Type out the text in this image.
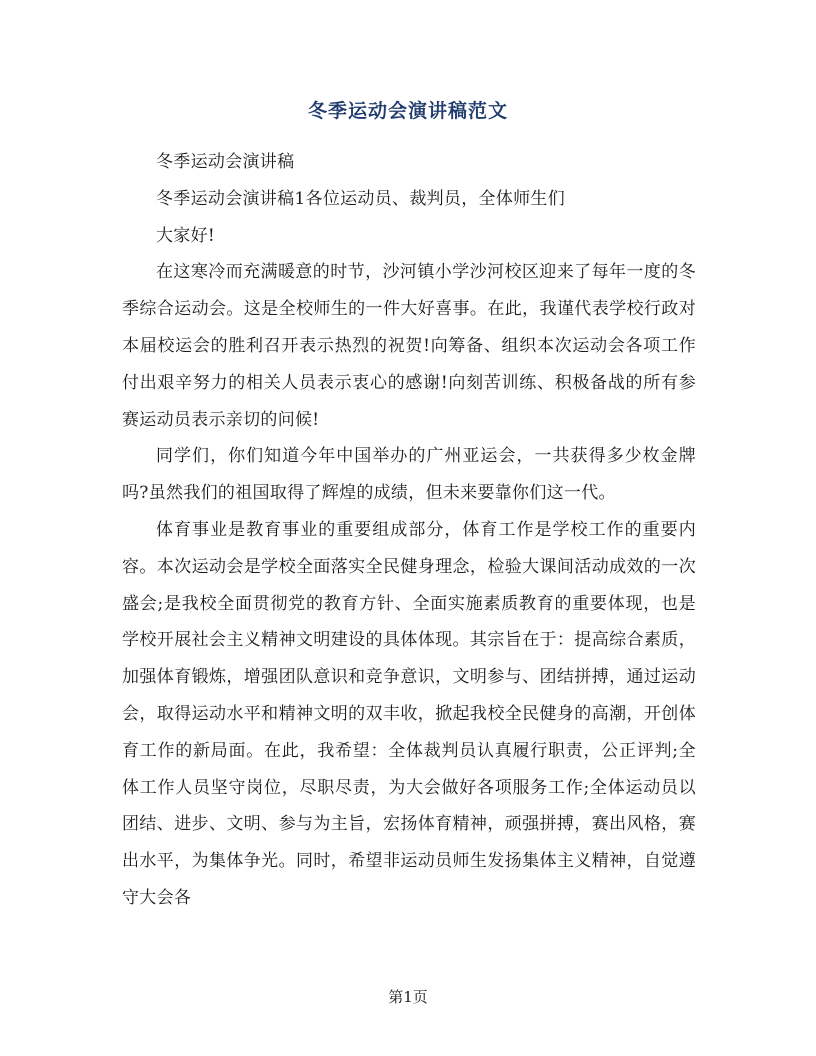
冬季运动会演讲稿范文

冬季运动会演讲稿

冬季运动会演讲稿1各位运动员、裁判员，全体师生们

大家好!

在这寒冷而充满暖意的时节，沙河镇小学沙河校区迎来了每年一度的冬季综合运动会。这是全校师生的一件大好喜事。在此，我谨代表学校行政对本届校运会的胜利召开表示热烈的祝贺!向筹备、组织本次运动会各项工作付出艰辛努力的相关人员表示衷心的感谢!向刻苦训练、积极备战的所有参赛运动员表示亲切的问候!

同学们，你们知道今年中国举办的广州亚运会，一共获得多少枚金牌吗?虽然我们的祖国取得了辉煌的成绩，但未来要靠你们这一代。

体育事业是教育事业的重要组成部分，体育工作是学校工作的重要内容。本次运动会是学校全面落实全民健身理念，检验大课间活动成效的一次盛会;是我校全面贯彻党的教育方针、全面实施素质教育的重要体现，也是学校开展社会主义精神文明建设的具体体现。其宗旨在于：提高综合素质，加强体育锻炼，增强团队意识和竞争意识，文明参与、团结拼搏，通过运动会，取得运动水平和精神文明的双丰收，掀起我校全民健身的高潮，开创体育工作的新局面。在此，我希望：全体裁判员认真履行职责，公正评判;全体工作人员坚守岗位，尽职尽责，为大会做好各项服务工作;全体运动员以团结、进步、文明、参与为主旨，宏扬体育精神，顽强拼搏，赛出风格，赛出水平，为集体争光。同时，希望非运动员师生发扬集体主义精神，自觉遵守大会各

第1页
